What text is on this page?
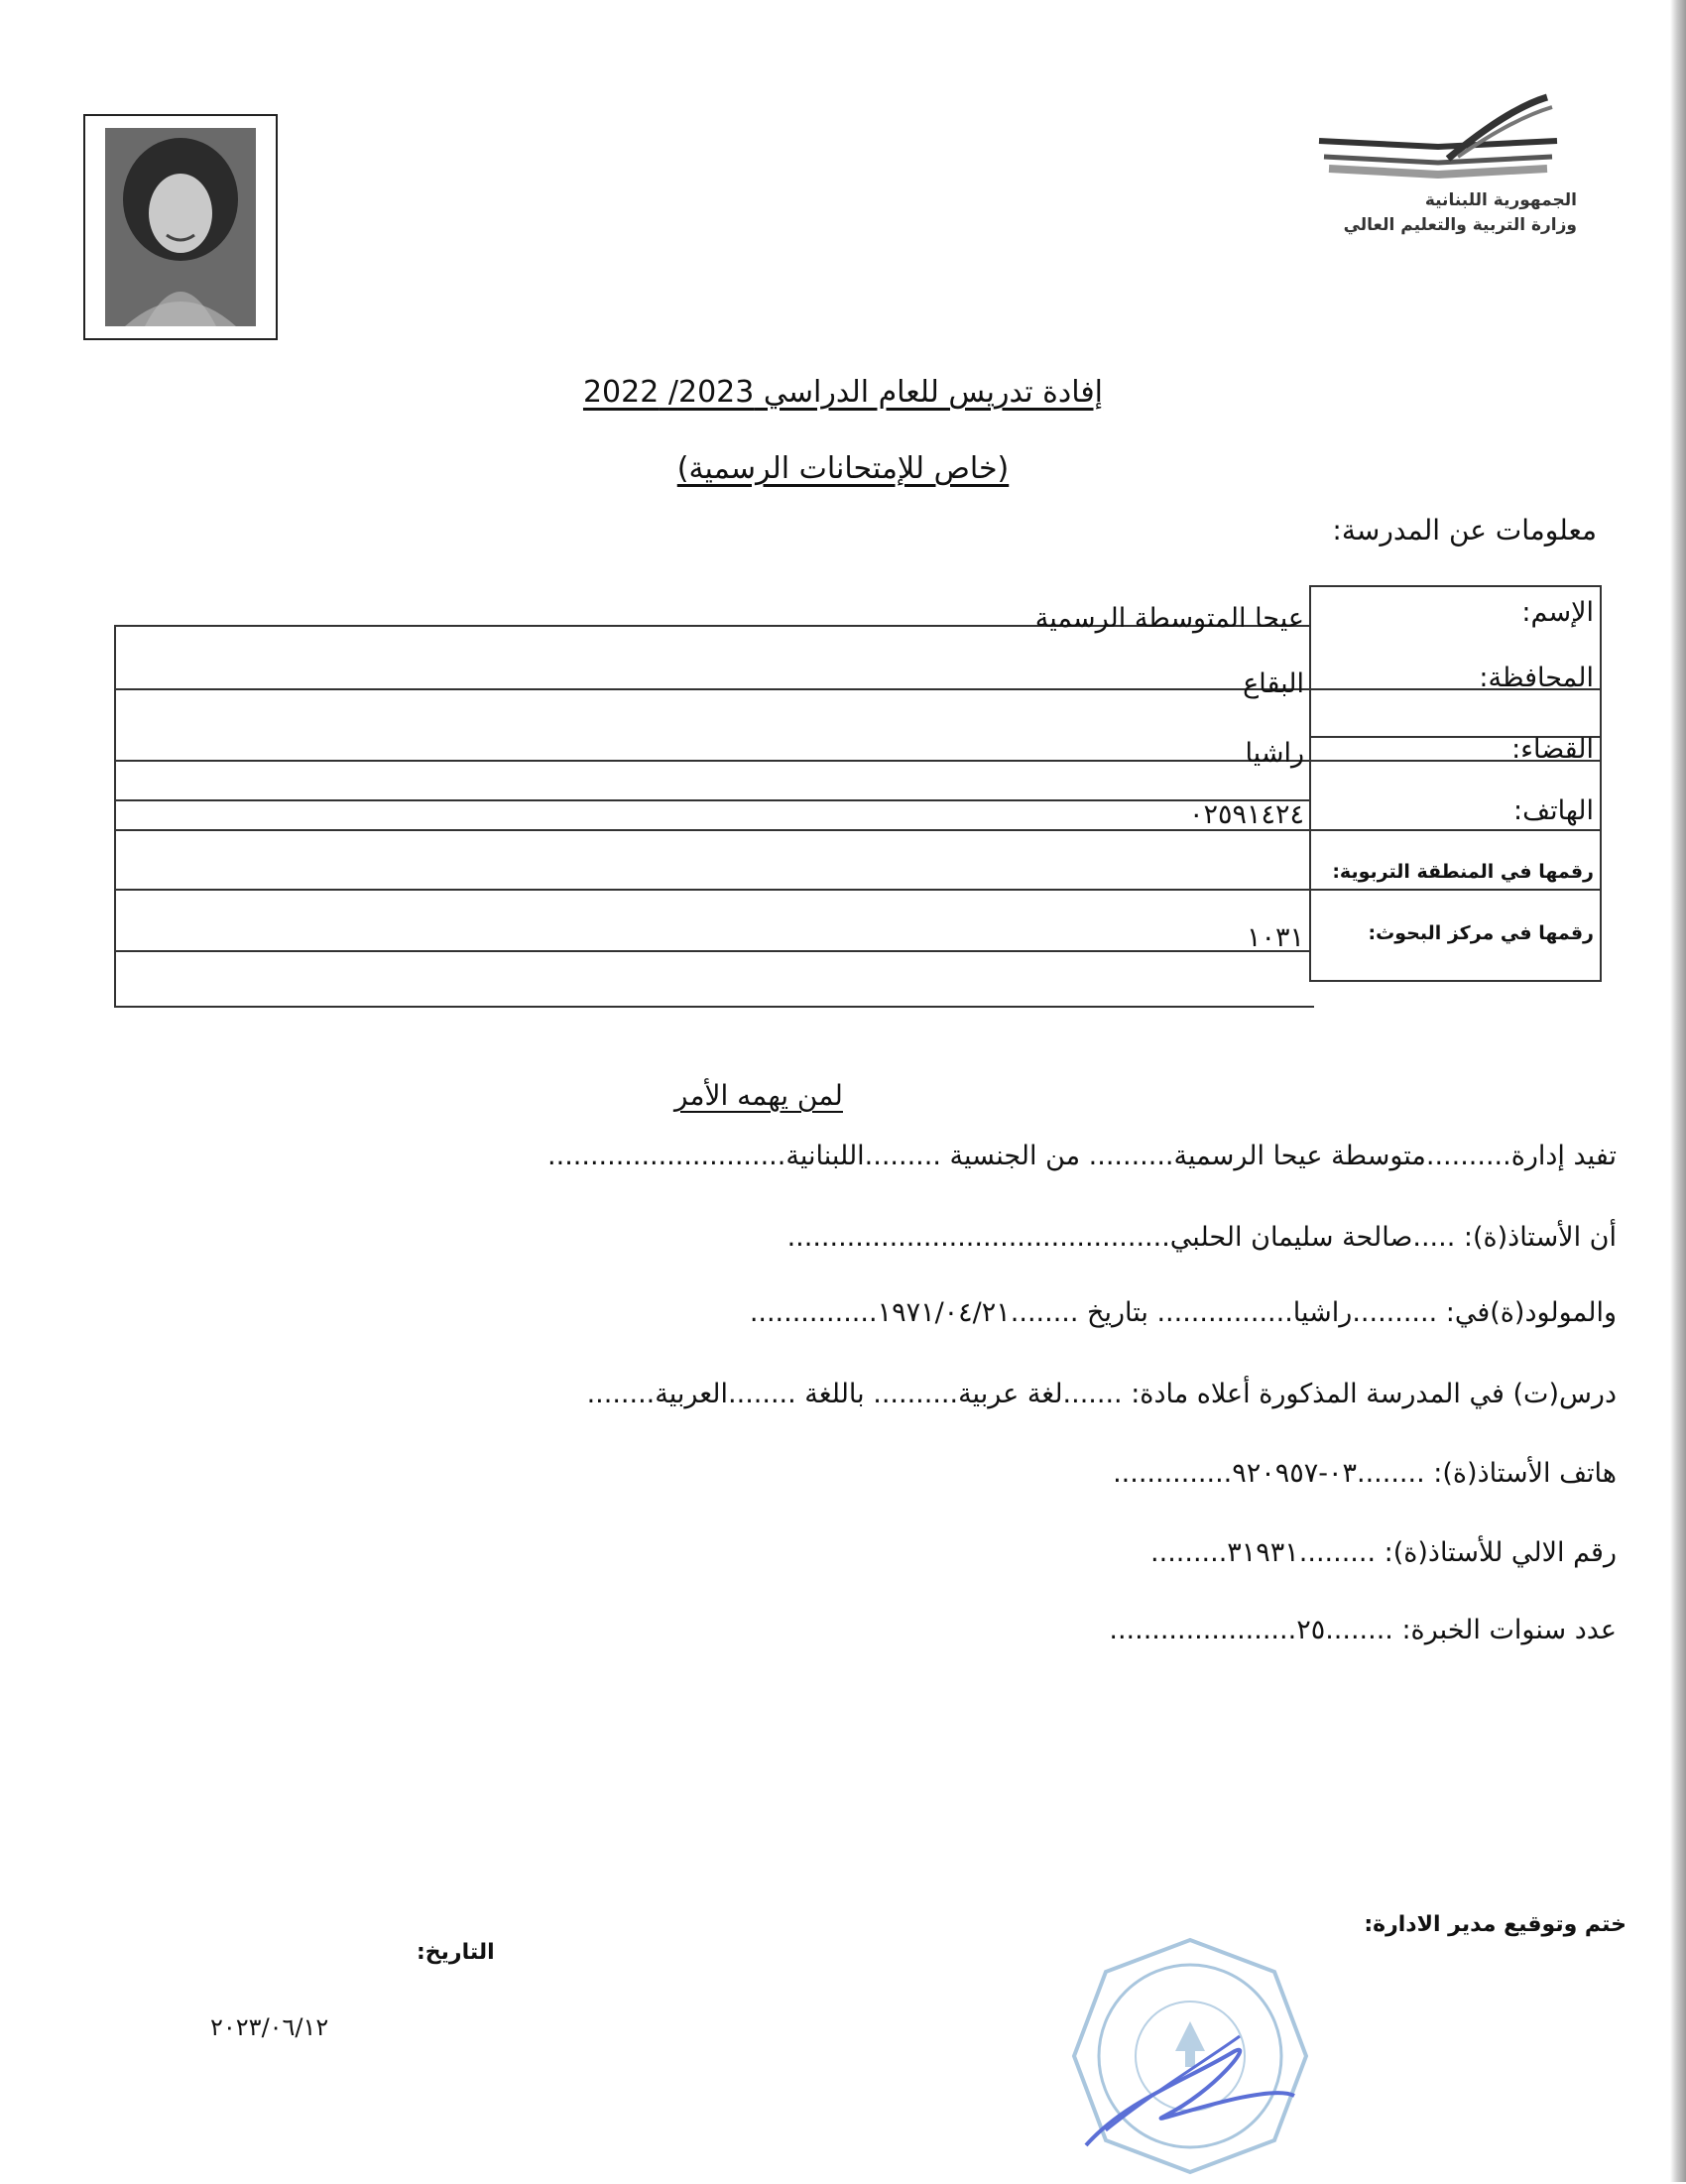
الجمهورية اللبنانية
وزارة التربية والتعليم العالي
إفادة تدريس للعام الدراسي 2023/ 2022
(خاص للإمتحانات الرسمية)
معلومات عن المدرسة:
الإسم:
عيحا المتوسطة الرسمية
المحافظة:
البقاع
القضاء:
راشيا
الهاتف:
٠٢٥٩١٤٢٤
رقمها في المنطقة التربوية:
رقمها في مركز البحوث:
١٠٣١
لمن يهمه الأمر
تفيد إدارة..........متوسطة عيحا الرسمية.......... من الجنسية .........اللبنانية............................
أن الأستاذ(ة): .....صالحة سليمان الحلبي.............................................
والمولود(ة)في: ..........راشيا................ بتاريخ ........١٩٧١/٠٤/٢١...............
درس(ت) في المدرسة المذكورة أعلاه مادة: .......لغة عربية.......... باللغة ........العربية........
هاتف الأستاذ(ة): ........٠٣-٩٢٠٩٥٧..............
رقم الالي للأستاذ(ة): .........٣١٩٣١.........
عدد سنوات الخبرة: ........٢٥......................
ختم وتوقيع مدير الادارة:
التاريخ:
٢٠٢٣/٠٦/١٢
